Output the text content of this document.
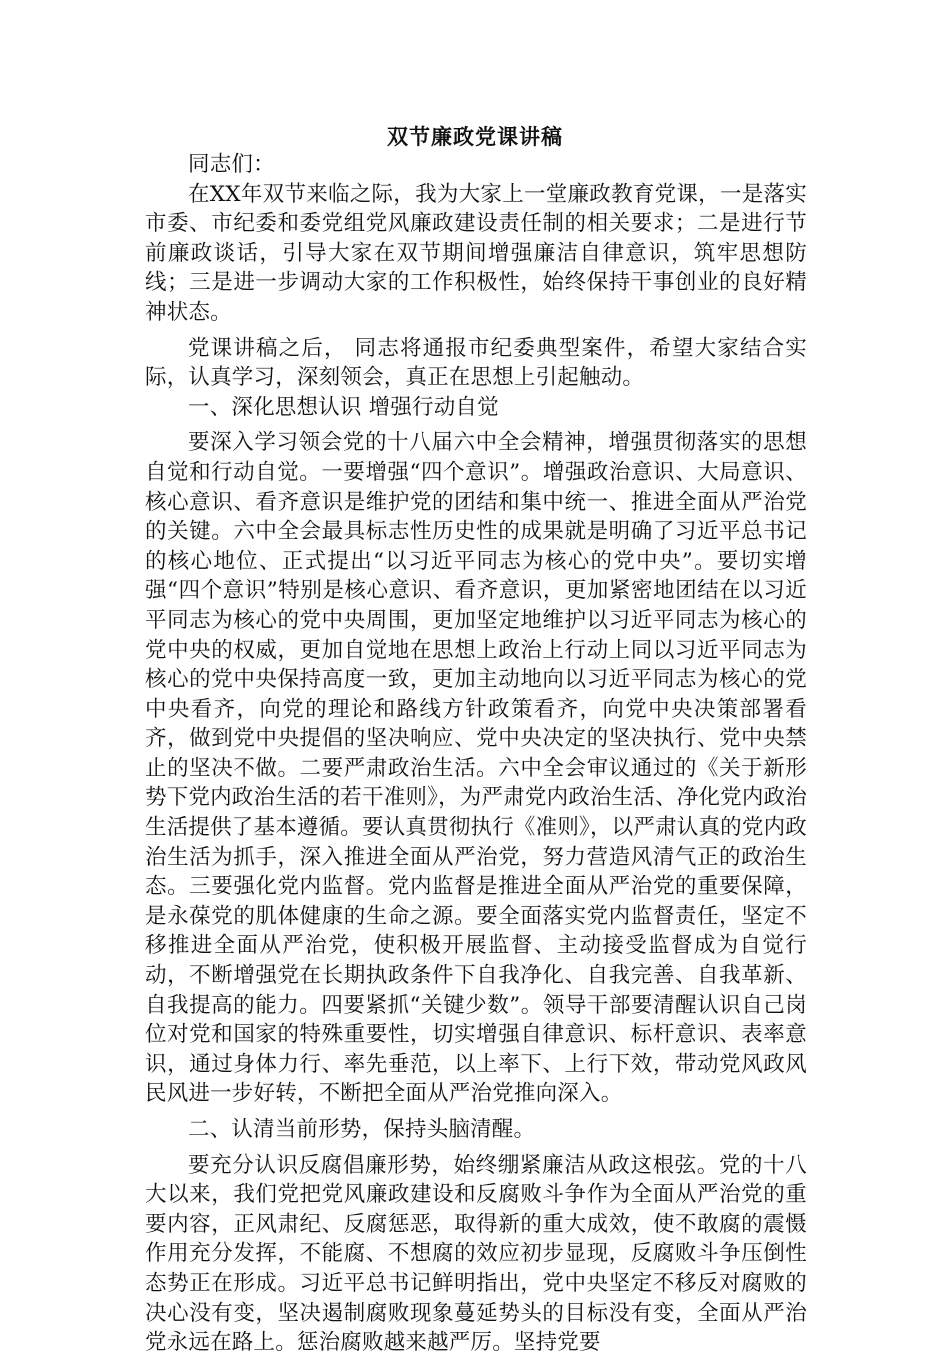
双节廉政党课讲稿

同志们：

在XX年双节来临之际，我为大家上一堂廉政教育党课，一是落实市委、市纪委和委党组党风廉政建设责任制的相关要求；二是进行节前廉政谈话，引导大家在双节期间增强廉洁自律意识，筑牢思想防线；三是进一步调动大家的工作积极性，始终保持干事创业的良好精神状态。

党课讲稿之后， 同志将通报市纪委典型案件，希望大家结合实际，认真学习，深刻领会，真正在思想上引起触动。

一、深化思想认识 增强行动自觉

要深入学习领会党的十八届六中全会精神，增强贯彻落实的思想自觉和行动自觉。一要增强“四个意识”。增强政治意识、大局意识、核心意识、看齐意识是维护党的团结和集中统一、推进全面从严治党的关键。六中全会最具标志性历史性的成果就是明确了习近平总书记的核心地位、正式提出“以习近平同志为核心的党中央”。要切实增强“四个意识”特别是核心意识、看齐意识，更加紧密地团结在以习近平同志为核心的党中央周围，更加坚定地维护以习近平同志为核心的党中央的权威，更加自觉地在思想上政治上行动上同以习近平同志为核心的党中央保持高度一致，更加主动地向以习近平同志为核心的党中央看齐，向党的理论和路线方针政策看齐，向党中央决策部署看齐，做到党中央提倡的坚决响应、党中央决定的坚决执行、党中央禁止的坚决不做。二要严肃政治生活。六中全会审议通过的《关于新形势下党内政治生活的若干准则》，为严肃党内政治生活、净化党内政治生活提供了基本遵循。要认真贯彻执行《准则》，以严肃认真的党内政治生活为抓手，深入推进全面从严治党，努力营造风清气正的政治生态。三要强化党内监督。党内监督是推进全面从严治党的重要保障，是永葆党的肌体健康的生命之源。要全面落实党内监督责任，坚定不移推进全面从严治党，使积极开展监督、主动接受监督成为自觉行动，不断增强党在长期执政条件下自我净化、自我完善、自我革新、自我提高的能力。四要紧抓“关键少数”。领导干部要清醒认识自己岗位对党和国家的特殊重要性，切实增强自律意识、标杆意识、表率意识，通过身体力行、率先垂范，以上率下、上行下效，带动党风政风民风进一步好转，不断把全面从严治党推向深入。

二、认清当前形势，保持头脑清醒。

要充分认识反腐倡廉形势，始终绷紧廉洁从政这根弦。党的十八大以来，我们党把党风廉政建设和反腐败斗争作为全面从严治党的重要内容，正风肃纪、反腐惩恶，取得新的重大成效，使不敢腐的震慑作用充分发挥，不能腐、不想腐的效应初步显现，反腐败斗争压倒性态势正在形成。习近平总书记鲜明指出，党中央坚定不移反对腐败的决心没有变，坚决遏制腐败现象蔓延势头的目标没有变，全面从严治党永远在路上。惩治腐败越来越严厉。坚持党要
